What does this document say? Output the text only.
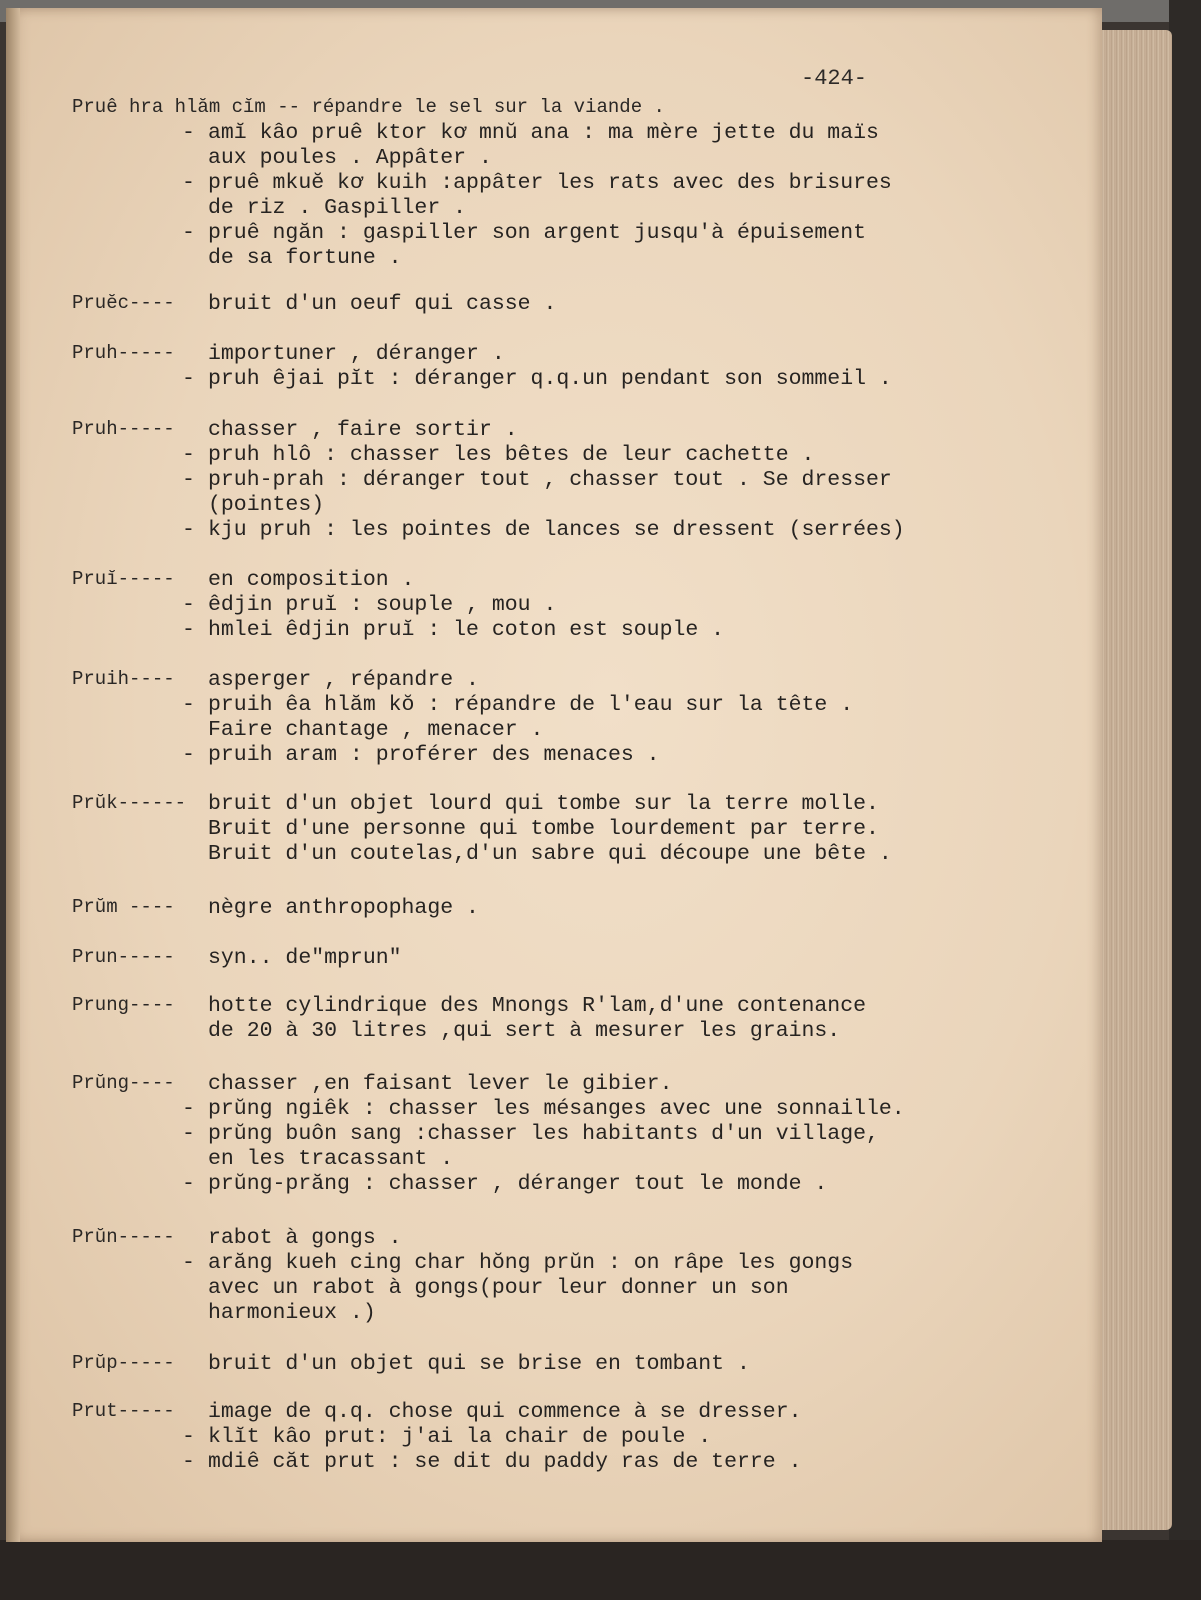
-424-
Pruê hra hlăm cĭm -- répandre le sel sur la viande .
- amĭ kâo pruê ktor kơ mnŭ ana : ma mère jette du maïs
aux poules . Appâter .
- pruê mkuĕ kơ kuih :appâter les rats avec des brisures
de riz . Gaspiller .
- pruê ngăn : gaspiller son argent jusqu'à épuisement
de sa fortune .
Pruĕc----	bruit d'un oeuf qui casse .
Pruh-----	importuner , déranger .
- pruh êjai pĭt : déranger q.q.un pendant son sommeil .
Pruh-----	chasser , faire sortir .
- pruh hlô : chasser les bêtes de leur cachette .
- pruh-prah : déranger tout , chasser tout . Se dresser
(pointes)
- kju pruh : les pointes de lances se dressent (serrées)
Pruĭ-----	en composition .
- êdjin pruĭ : souple , mou .
- hmlei êdjin pruĭ : le coton est souple .
Pruih----	asperger , répandre .
- pruih êa hlăm kŏ : répandre de l'eau sur la tête .
Faire chantage , menacer .
- pruih aram : proférer des menaces .
Prŭk------	bruit d'un objet lourd qui tombe sur la terre molle.
Bruit d'une personne qui tombe lourdement par terre.
Bruit d'un coutelas,d'un sabre qui découpe une bête .
Prŭm ----	nègre anthropophage .
Prun-----	syn.. de"mprun"
Prung----	hotte cylindrique des Mnongs R'lam,d'une contenance
de 20 à 30 litres ,qui sert à mesurer les grains.
Prŭng----	chasser ,en faisant lever le gibier.
- prŭng ngiêk : chasser les mésanges avec une sonnaille.
- prŭng buôn sang :chasser les habitants d'un village,
en les tracassant .
- prŭng-prăng : chasser , déranger tout le monde .
Prŭn-----	rabot à gongs .
- arăng kueh cing char hŏng prŭn : on râpe les gongs
avec un rabot à gongs(pour leur donner un son
harmonieux .)
Prŭp-----	bruit d'un objet qui se brise en tombant .
Prut-----	image de q.q. chose qui commence à se dresser.
- klĭt kâo prut: j'ai la chair de poule .
- mdiê căt prut : se dit du paddy ras de terre .
